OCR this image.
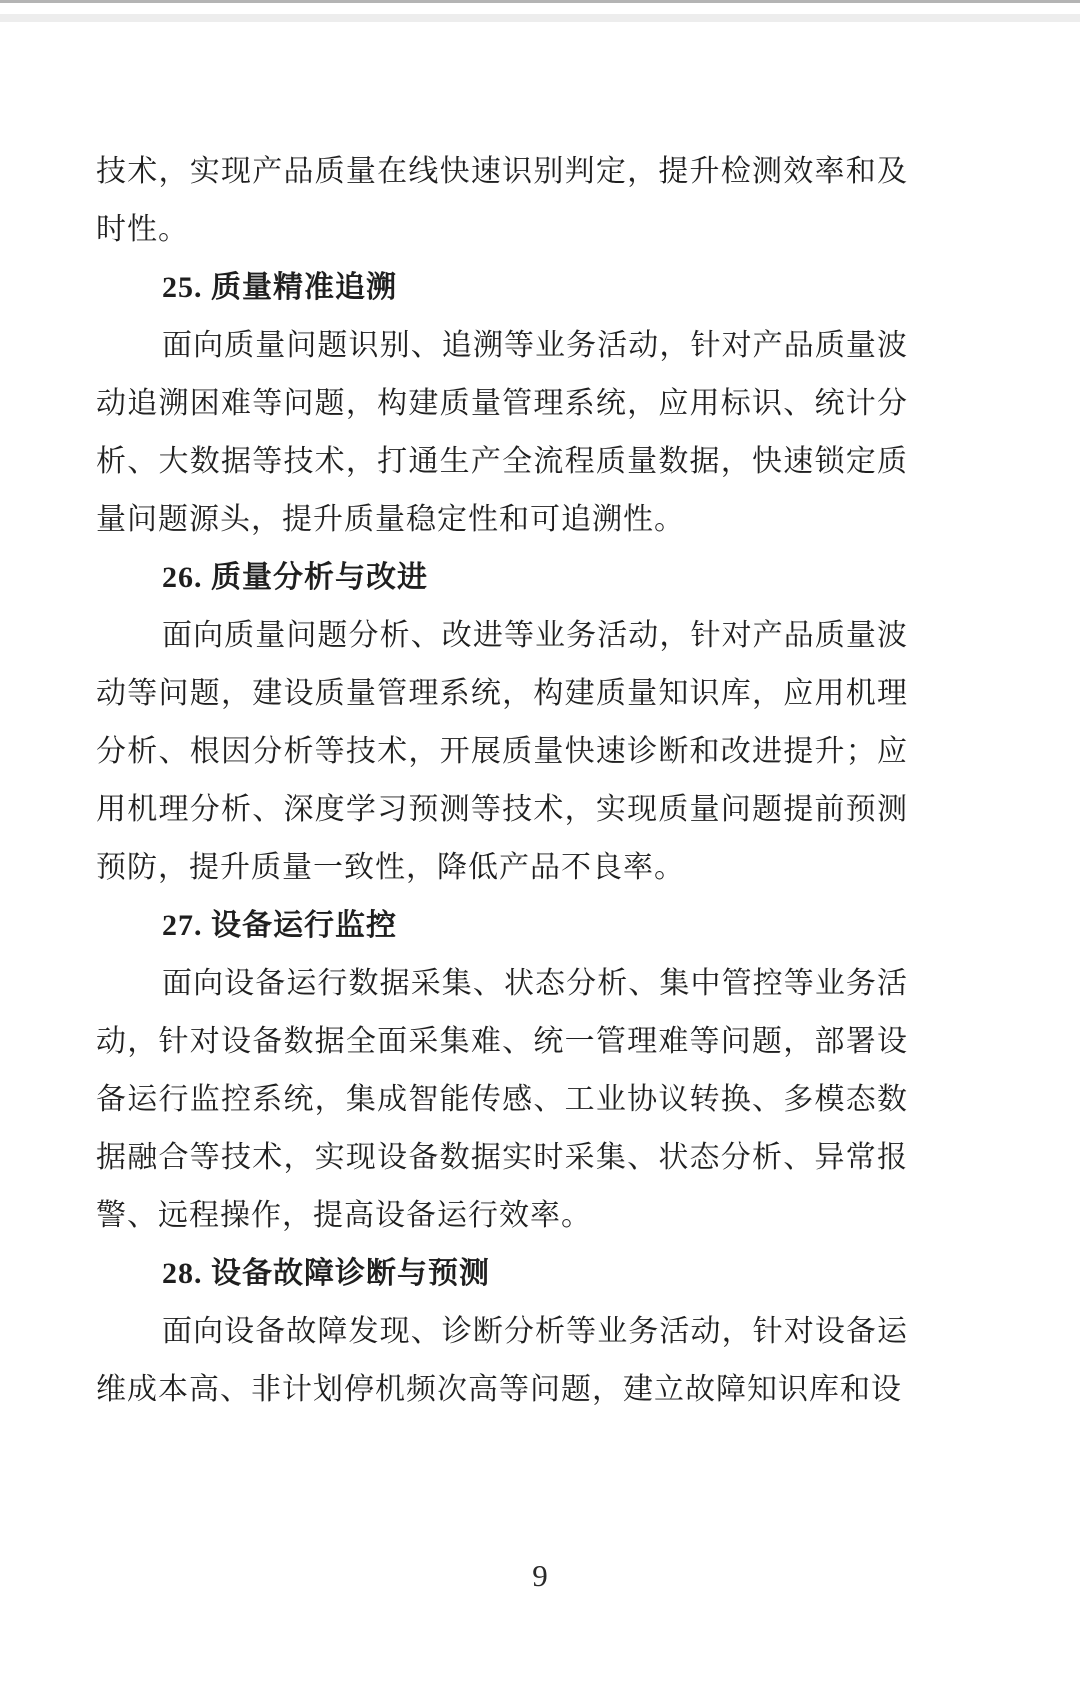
技术，实现产品质量在线快速识别判定，提升检测效率和及时性。

25. 质量精准追溯

面向质量问题识别、追溯等业务活动，针对产品质量波动追溯困难等问题，构建质量管理系统，应用标识、统计分析、大数据等技术，打通生产全流程质量数据，快速锁定质量问题源头，提升质量稳定性和可追溯性。

26. 质量分析与改进

面向质量问题分析、改进等业务活动，针对产品质量波动等问题，建设质量管理系统，构建质量知识库，应用机理分析、根因分析等技术，开展质量快速诊断和改进提升；应用机理分析、深度学习预测等技术，实现质量问题提前预测预防，提升质量一致性，降低产品不良率。

27. 设备运行监控

面向设备运行数据采集、状态分析、集中管控等业务活动，针对设备数据全面采集难、统一管理难等问题，部署设备运行监控系统，集成智能传感、工业协议转换、多模态数据融合等技术，实现设备数据实时采集、状态分析、异常报警、远程操作，提高设备运行效率。

28. 设备故障诊断与预测

面向设备故障发现、诊断分析等业务活动，针对设备运维成本高、非计划停机频次高等问题，建立故障知识库和设

9
